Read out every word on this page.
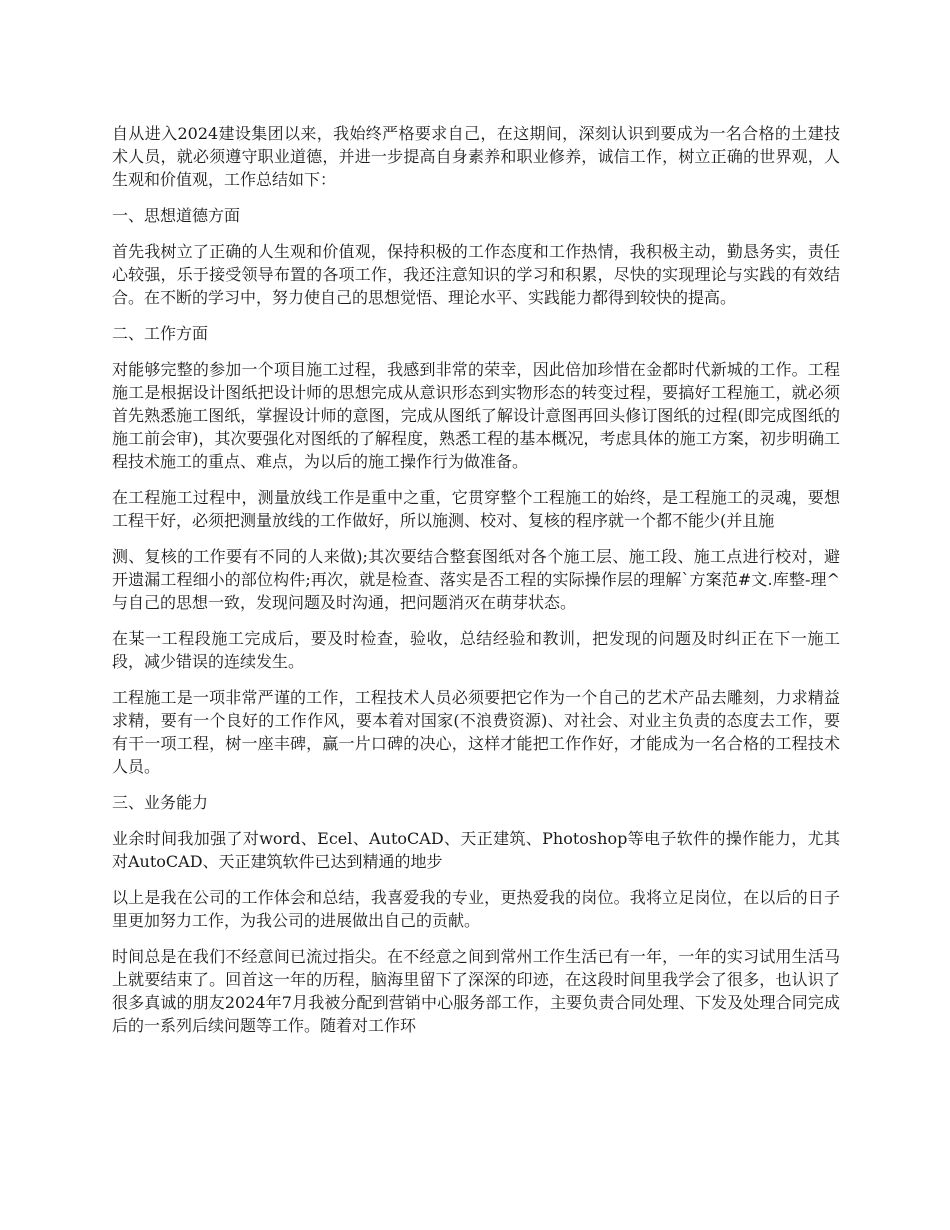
自从进入2024建设集团以来，我始终严格要求自己，在这期间，深刻认识到要成为一名合格的土建技术人员，就必须遵守职业道德，并进一步提高自身素养和职业修养，诚信工作，树立正确的世界观，人生观和价值观，工作总结如下：

一、思想道德方面

首先我树立了正确的人生观和价值观，保持积极的工作态度和工作热情，我积极主动，勤恳务实，责任心较强，乐于接受领导布置的各项工作，我还注意知识的学习和积累，尽快的实现理论与实践的有效结合。在不断的学习中，努力使自己的思想觉悟、理论水平、实践能力都得到较快的提高。

二、工作方面

对能够完整的参加一个项目施工过程，我感到非常的荣幸，因此倍加珍惜在金都时代新城的工作。工程施工是根据设计图纸把设计师的思想完成从意识形态到实物形态的转变过程，要搞好工程施工，就必须首先熟悉施工图纸，掌握设计师的意图，完成从图纸了解设计意图再回头修订图纸的过程(即完成图纸的施工前会审)，其次要强化对图纸的了解程度，熟悉工程的基本概况，考虑具体的施工方案，初步明确工程技术施工的重点、难点，为以后的施工操作行为做准备。

在工程施工过程中，测量放线工作是重中之重，它贯穿整个工程施工的始终，是工程施工的灵魂，要想工程干好，必须把测量放线的工作做好，所以施测、校对、复核的程序就一个都不能少(并且施

测、复核的工作要有不同的人来做);其次要结合整套图纸对各个施工层、施工段、施工点进行校对，避开遗漏工程细小的部位构件;再次，就是检查、落实是否工程的实际操作层的理解`方案范#文.库整-理^与自己的思想一致，发现问题及时沟通，把问题消灭在萌芽状态。

在某一工程段施工完成后，要及时检查，验收，总结经验和教训，把发现的问题及时纠正在下一施工段，减少错误的连续发生。

工程施工是一项非常严谨的工作，工程技术人员必须要把它作为一个自己的艺术产品去雕刻，力求精益求精，要有一个良好的工作作风，要本着对国家(不浪费资源)、对社会、对业主负责的态度去工作，要有干一项工程，树一座丰碑，赢一片口碑的决心，这样才能把工作作好，才能成为一名合格的工程技术人员。

三、业务能力

业余时间我加强了对word、Ecel、AutoCAD、天正建筑、Photoshop等电子软件的操作能力，尤其对AutoCAD、天正建筑软件已达到精通的地步

以上是我在公司的工作体会和总结，我喜爱我的专业，更热爱我的岗位。我将立足岗位，在以后的日子里更加努力工作，为我公司的进展做出自己的贡献。

时间总是在我们不经意间已流过指尖。在不经意之间到常州工作生活已有一年，一年的实习试用生活马上就要结束了。回首这一年的历程，脑海里留下了深深的印迹，在这段时间里我学会了很多，也认识了很多真诚的朋友2024年7月我被分配到营销中心服务部工作，主要负责合同处理、下发及处理合同完成后的一系列后续问题等工作。随着对工作环
